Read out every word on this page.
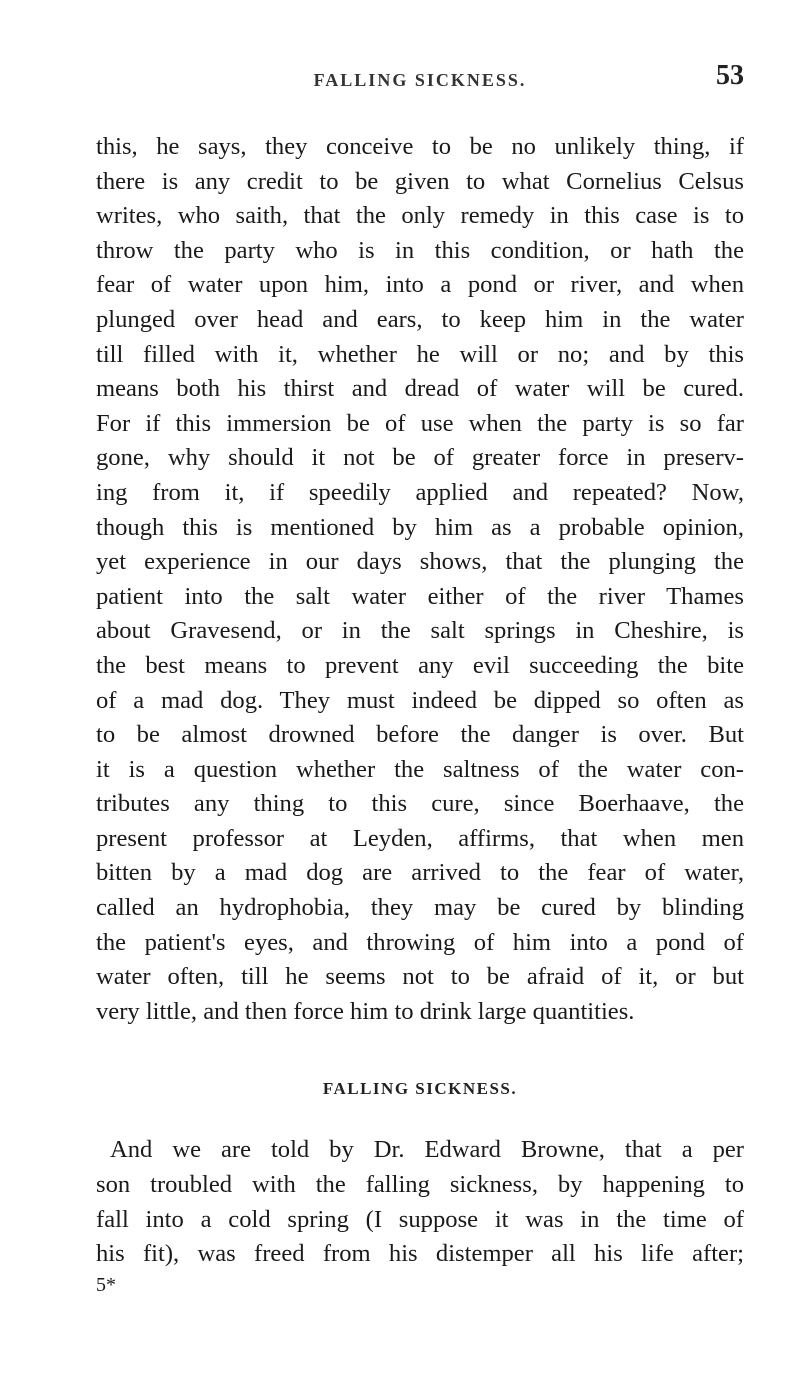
FALLING SICKNESS.	53
this, he says, they conceive to be no unlikely thing, if
there is any credit to be given to what Cornelius Celsus
writes, who saith, that the only remedy in this case is to
throw the party who is in this condition, or hath the
fear of water upon him, into a pond or river, and when
plunged over head and ears, to keep him in the water
till filled with it, whether he will or no; and by this
means both his thirst and dread of water will be cured.
For if this immersion be of use when the party is so far
gone, why should it not be of greater force in preserv-
ing from it, if speedily applied and repeated? Now,
though this is mentioned by him as a probable opinion,
yet experience in our days shows, that the plunging the
patient into the salt water either of the river Thames
about Gravesend, or in the salt springs in Cheshire, is
the best means to prevent any evil succeeding the bite
of a mad dog. They must indeed be dipped so often as
to be almost drowned before the danger is over. But
it is a question whether the saltness of the water con-
tributes any thing to this cure, since Boerhaave, the
present professor at Leyden, affirms, that when men
bitten by a mad dog are arrived to the fear of water,
called an hydrophobia, they may be cured by blinding
the patient's eyes, and throwing of him into a pond of
water often, till he seems not to be afraid of it, or but
very little, and then force him to drink large quantities.
FALLING SICKNESS.
And we are told by Dr. Edward Browne, that a per
son troubled with the falling sickness, by happening to
fall into a cold spring (I suppose it was in the time of
his fit), was freed from his distemper all his life after;
5*
